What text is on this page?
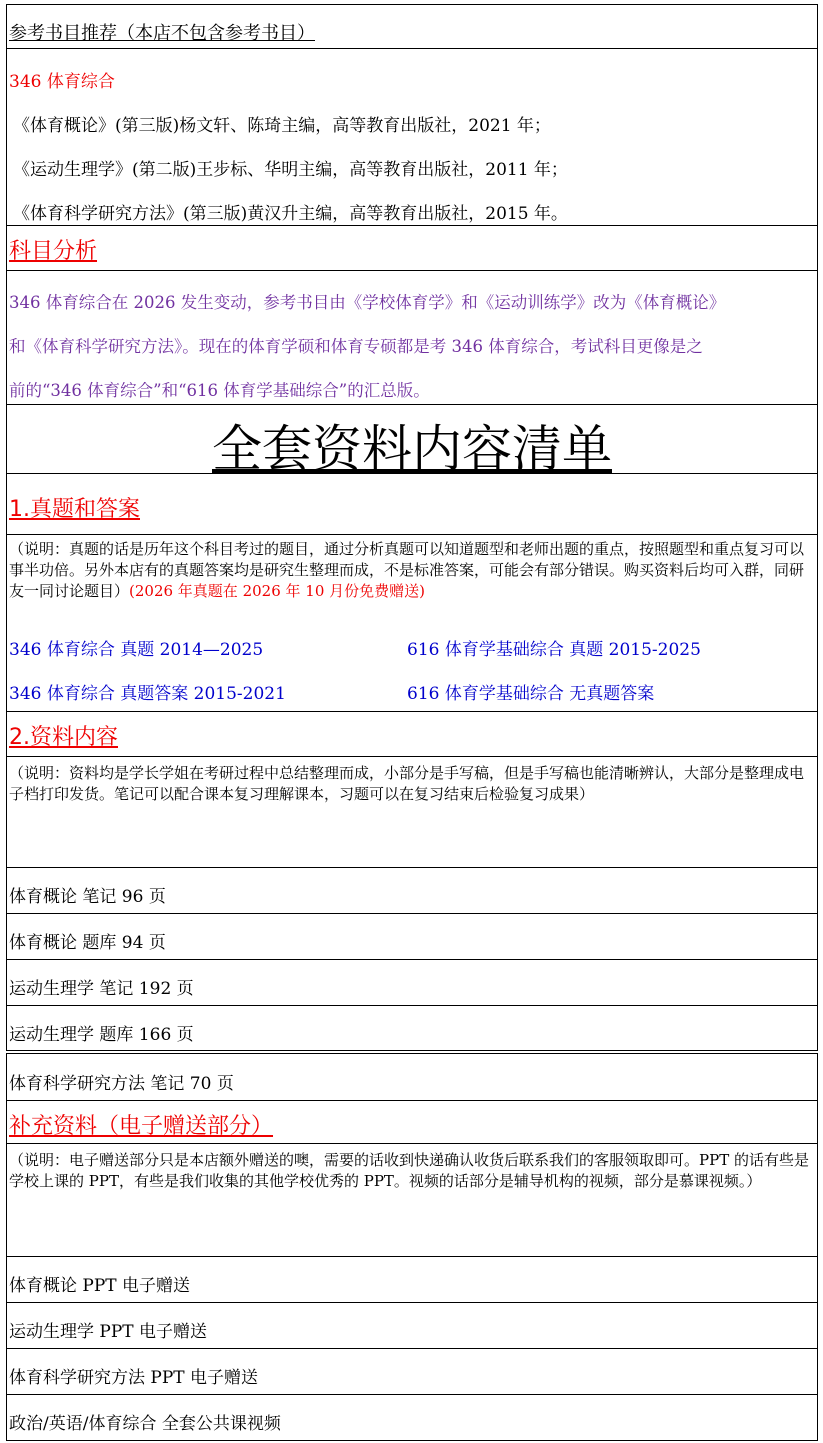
参考书目推荐（本店不包含参考书目）
346 体育综合
《体育概论》(第三版)杨文轩、陈琦主编，高等教育出版社，2021 年；
《运动生理学》(第二版)王步标、华明主编，高等教育出版社，2011 年；
《体育科学研究方法》(第三版)黄汉升主编，高等教育出版社，2015 年。
科目分析
346 体育综合在 2026 发生变动，参考书目由《学校体育学》和《运动训练学》改为《体育概论》
和《体育科学研究方法》。现在的体育学硕和体育专硕都是考 346 体育综合，考试科目更像是之
前的“346 体育综合”和“616 体育学基础综合”的汇总版。
全套资料内容清单
1.真题和答案
（说明：真题的话是历年这个科目考过的题目，通过分析真题可以知道题型和老师出题的重点，按照题型和重点复习可以事半功倍。另外本店有的真题答案均是研究生整理而成，不是标准答案，可能会有部分错误。购买资料后均可入群，同研友一同讨论题目）(2026 年真题在 2026 年 10 月份免费赠送)
346 体育综合 真题 2014—2025	616 体育学基础综合 真题 2015-2025
346 体育综合 真题答案 2015-2021	616 体育学基础综合 无真题答案
2.资料内容
（说明：资料均是学长学姐在考研过程中总结整理而成，小部分是手写稿，但是手写稿也能清晰辨认，大部分是整理成电子档打印发货。笔记可以配合课本复习理解课本，习题可以在复习结束后检验复习成果）
体育概论 笔记 96 页
体育概论 题库 94 页
运动生理学 笔记 192 页
运动生理学 题库 166 页
体育科学研究方法 笔记 70 页
补充资料（电子赠送部分）
（说明：电子赠送部分只是本店额外赠送的噢，需要的话收到快递确认收货后联系我们的客服领取即可。PPT 的话有些是学校上课的 PPT，有些是我们收集的其他学校优秀的 PPT。视频的话部分是辅导机构的视频，部分是慕课视频。）
体育概论 PPT 电子赠送
运动生理学 PPT 电子赠送
体育科学研究方法 PPT 电子赠送
政治/英语/体育综合 全套公共课视频
